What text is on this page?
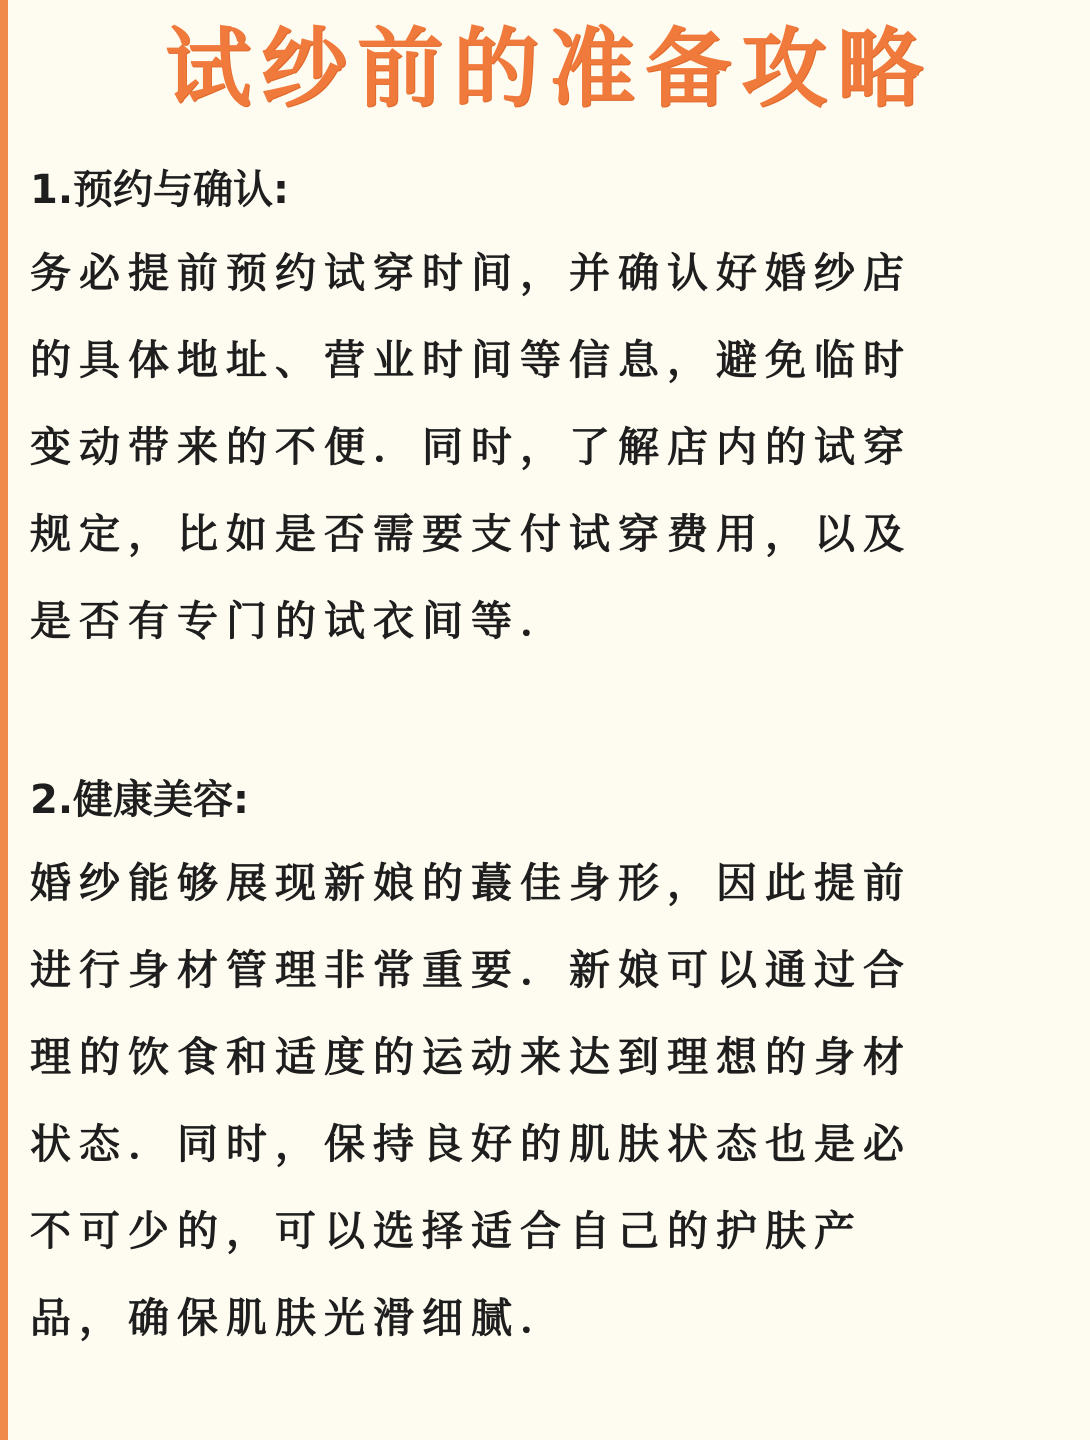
试纱前的准备攻略

1.预约与确认:

务必提前预约试穿时间，并确认好婚纱店
的具体地址、营业时间等信息，避免临时
变动带来的不便．同时，了解店内的试穿
规定，比如是否需要支付试穿费用，以及
是否有专门的试衣间等．

2.健康美容:

婚纱能够展现新娘的蕞佳身形，因此提前
进行身材管理非常重要．新娘可以通过合
理的饮食和适度的运动来达到理想的身材
状态．同时，保持良好的肌肤状态也是必
不可少的，可以选择适合自己的护肤产
品，确保肌肤光滑细腻．
